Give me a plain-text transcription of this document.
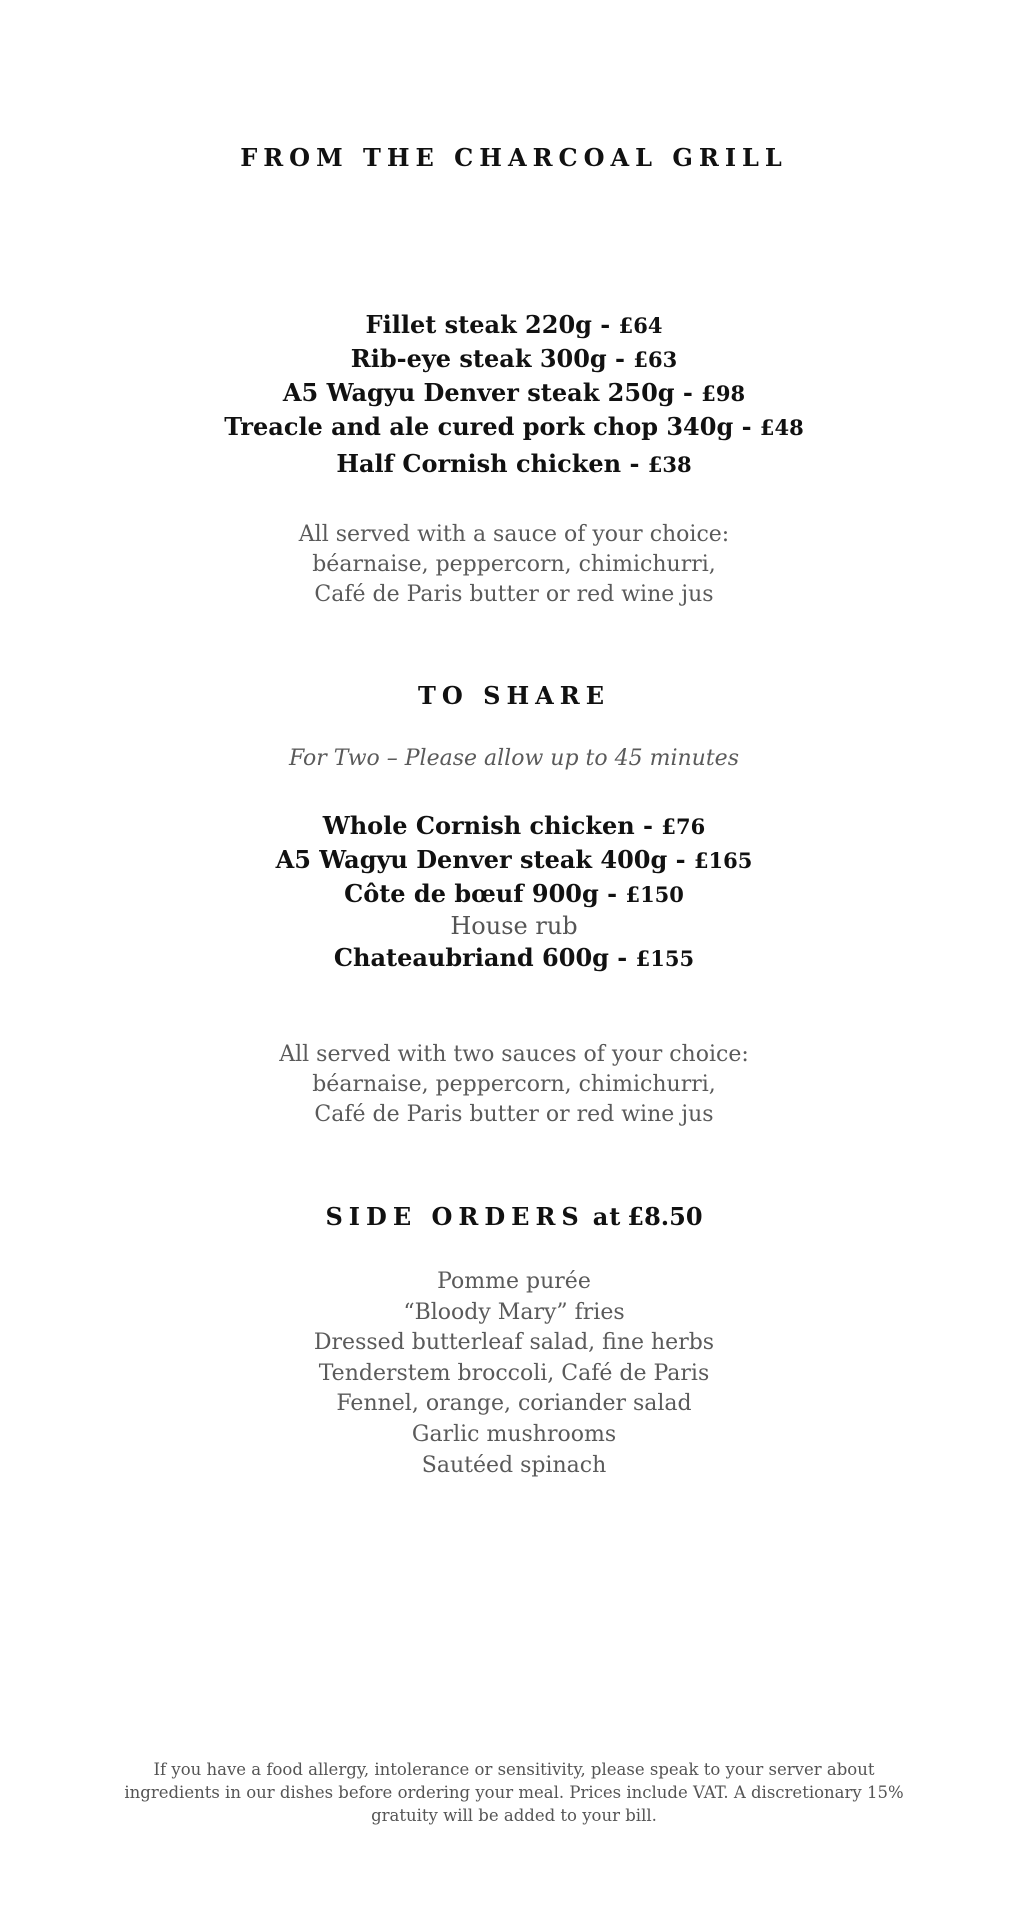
FROM THE CHARCOAL GRILL
Fillet steak 220g - £64
Rib-eye steak 300g - £63
A5 Wagyu Denver steak 250g - £98
Treacle and ale cured pork chop 340g - £48
Half Cornish chicken - £38
All served with a sauce of your choice:
béarnaise, peppercorn, chimichurri,
Café de Paris butter or red wine jus
TO SHARE
For Two – Please allow up to 45 minutes
Whole Cornish chicken - £76
A5 Wagyu Denver steak 400g - £165
Côte de bœuf 900g - £150
House rub
Chateaubriand 600g - £155
All served with two sauces of your choice:
béarnaise, peppercorn, chimichurri,
Café de Paris butter or red wine jus
SIDE ORDERS at £8.50
Pomme purée
“Bloody Mary” fries
Dressed butterleaf salad, fine herbs
Tenderstem broccoli, Café de Paris
Fennel, orange, coriander salad
Garlic mushrooms
Sautéed spinach
If you have a food allergy, intolerance or sensitivity, please speak to your server about ingredients in our dishes before ordering your meal. Prices include VAT. A discretionary 15% gratuity will be added to your bill.
